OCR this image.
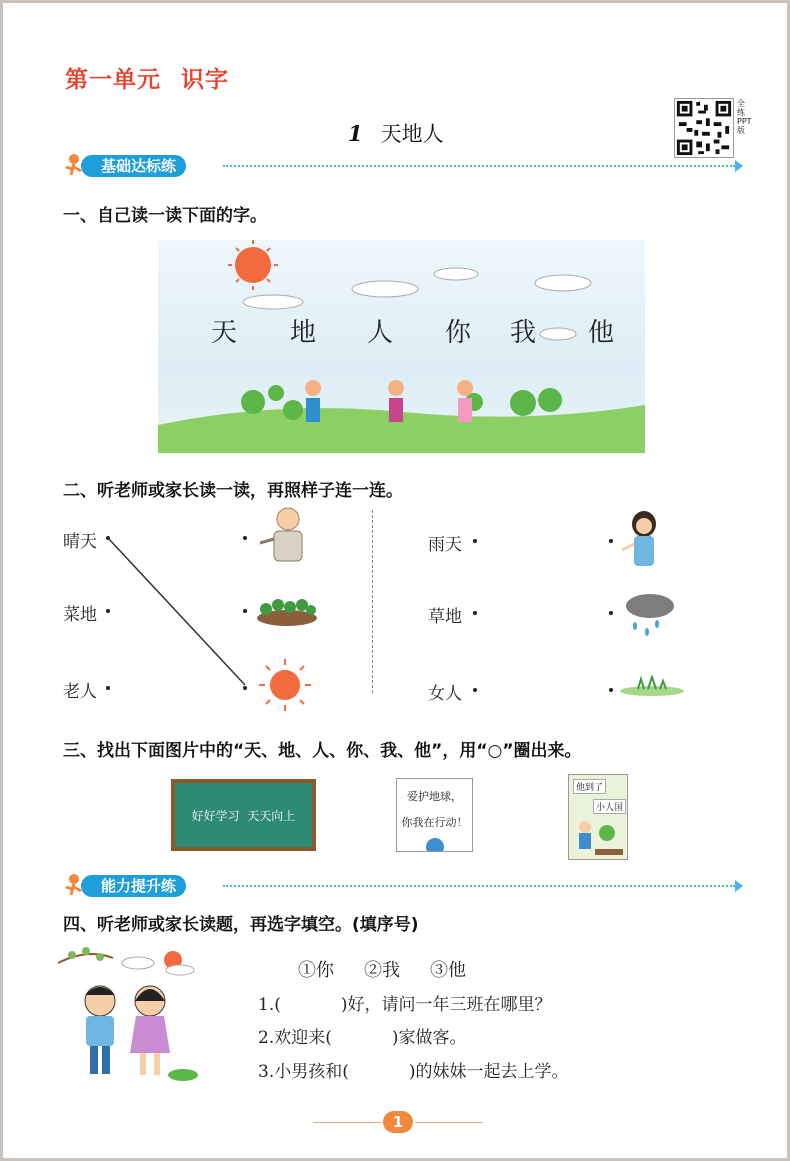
第一单元 识字
1 天地人
全练PPT版
基础达标练
一、自己读一读下面的字。
天 地 人 你 我 他
二、听老师或家长读一读，再照样子连一连。
晴天
菜地
老人
雨天
草地
女人
三、找出下面图片中的“天、地、人、你、我、他”，用“○”圈出来。
好好学习  天天向上
爱护地球，
你我在行动！
他到了
小人国
能力提升练
四、听老师或家长读题，再选字填空。(填序号)
①你 ②我 ③他
1.(	)好，请问一年三班在哪里？
2.欢迎来(	)家做客。
3.小男孩和(	)的妹妹一起去上学。
1
